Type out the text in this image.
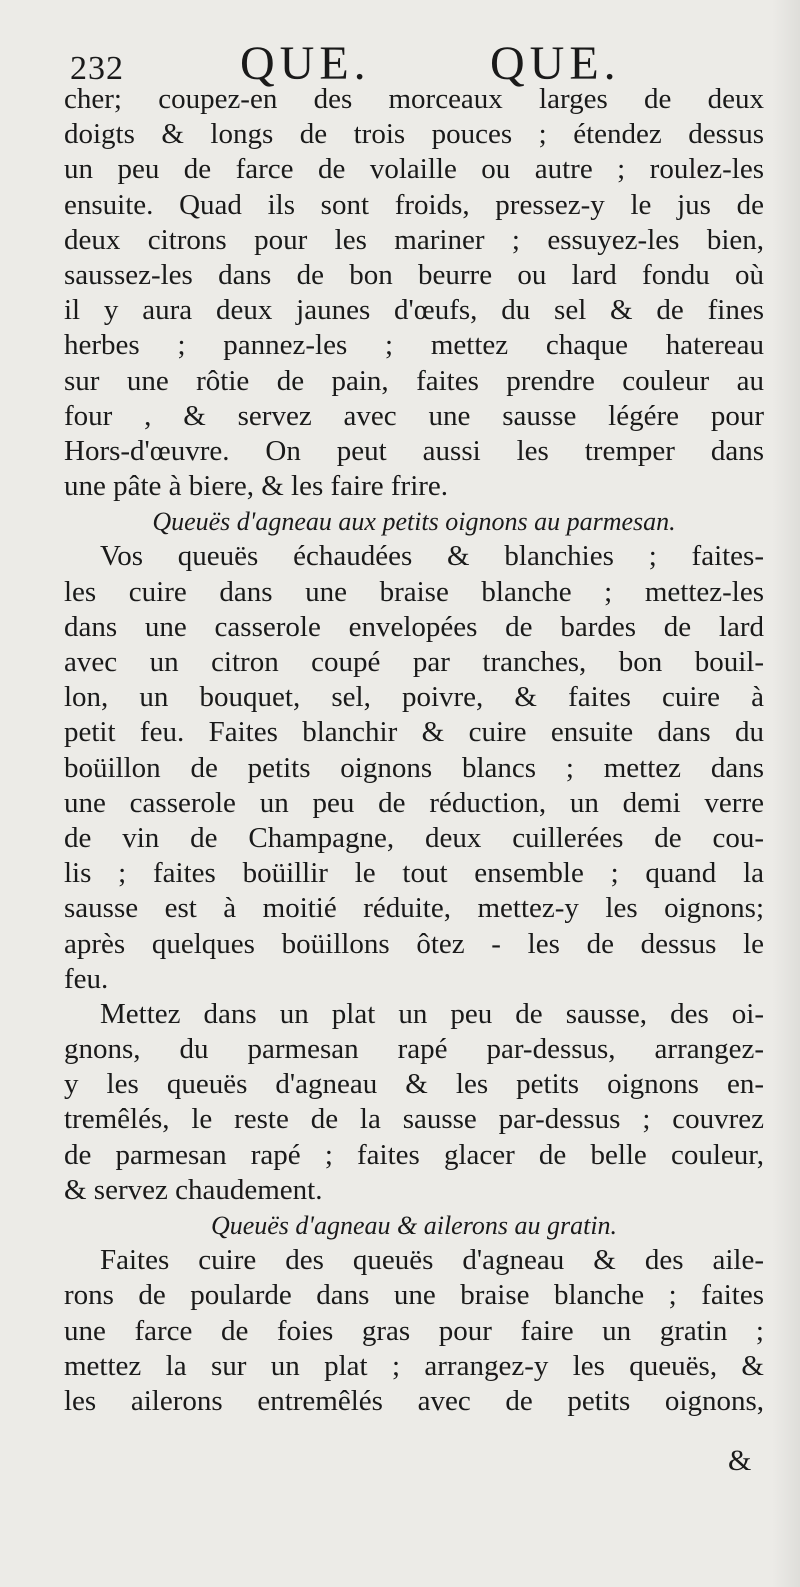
232 QUE. QUE.
cher; coupez-en des morceaux larges de deux
doigts & longs de trois pouces ; étendez dessus
un peu de farce de volaille ou autre ; roulez-les
ensuite. Quad ils sont froids, pressez-y le jus de
deux citrons pour les mariner ; essuyez-les bien,
saussez-les dans de bon beurre ou lard fondu où
il y aura deux jaunes d'œufs, du sel & de fines
herbes ; pannez-les ; mettez chaque hatereau
sur une rôtie de pain, faites prendre couleur au
four , & servez avec une sausse légére pour
Hors-d'œuvre. On peut aussi les tremper dans
une pâte à biere, & les faire frire.
Queuës d'agneau aux petits oignons au parmesan.
Vos queuës échaudées & blanchies ; faites-
les cuire dans une braise blanche ; mettez-les
dans une casserole envelopées de bardes de lard
avec un citron coupé par tranches, bon bouil-
lon, un bouquet, sel, poivre, & faites cuire à
petit feu. Faites blanchir & cuire ensuite dans du
boüillon de petits oignons blancs ; mettez dans
une casserole un peu de réduction, un demi verre
de vin de Champagne, deux cuillerées de cou-
lis ; faites boüillir le tout ensemble ; quand la
sausse est à moitié réduite, mettez-y les oignons;
après quelques boüillons ôtez - les de dessus le
feu.
Mettez dans un plat un peu de sausse, des oi-
gnons, du parmesan rapé par-dessus, arrangez-
y les queuës d'agneau & les petits oignons en-
tremêlés, le reste de la sausse par-dessus ; couvrez
de parmesan rapé ; faites glacer de belle couleur,
& servez chaudement.
Queuës d'agneau & ailerons au gratin.
Faites cuire des queuës d'agneau & des aile-
rons de poularde dans une braise blanche ; faites
une farce de foies gras pour faire un gratin ;
mettez la sur un plat ; arrangez-y les queuës, &
les ailerons entremêlés avec de petits oignons,
&
